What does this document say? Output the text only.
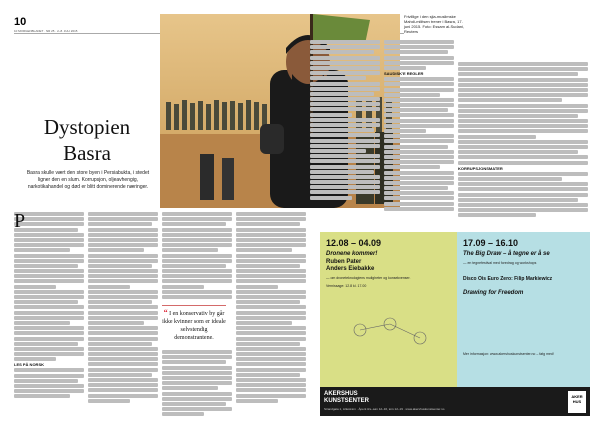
10
10 MORGENBLADET · NR 25 · 2–8. JULI 2015
Frivillige i den sjia-muslimske Mahdi-militsen trener i Basra, 17. juni 2015. Foto: Essam al-Sudani, Reuters
Dystopien
Basra
Basra skulle vært den store byen i Persiabukta, i stedet ligner den en slum. Korrupsjon, oljeavhengig, narkotikahandel og død er blitt dominerende næringer.
P
LES PÅ NORSK
“ I en konservativ by går ikke kvinner som er ideale selvstendig demonstrantene.
SAUDISK'E REGLER
KORRUPSJONSMATER
12.08 – 04.09
Dronene kommer!
Ruben Pater
Anders Eiebakke
— om droneteknologiens muligheter og konsekvenser.
Vernissage: 12.8 kl. 17.00
17.09 – 16.10
The Big Draw – å tegne er å se
— en tegnefestival med foredrag og workshops
Disco Ois Euro Zero: Filip Markiewicz
Drawing for Freedom
Mer informasjon: www.akershuskunstsenter.no – følg med!
AKERSHUS
KUNSTSENTER
Strandgata 1, Lillestrøm · Åpent tirs–søn 12–16, tors 12–19 · www.akershuskunstsenter.no
AKER HUS
